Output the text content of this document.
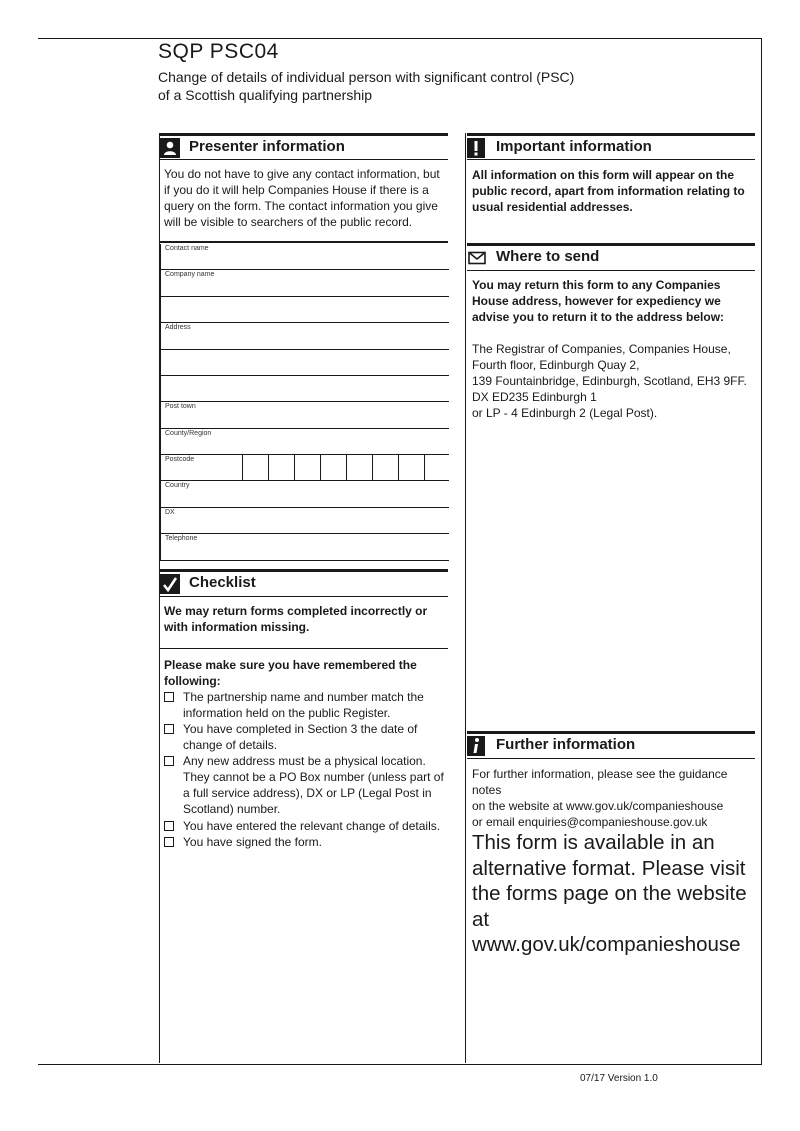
SQP PSC04
Change of details of individual person with significant control (PSC)
of a Scottish qualifying partnership
Presenter information
You do not have to give any contact information, but if you do it will help Companies House if there is a query on the form. The contact information you give will be visible to searchers of the public record.
Contact name
Company name
Address
Post town
County/Region
Postcode
Country
DX
Telephone
Checklist
We may return forms completed incorrectly or with information missing.
Please make sure you have remembered the following:
The partnership name and number match the information held on the public Register.
You have completed in Section 3 the date of change of details.
Any new address must be a physical location. They cannot be a PO Box number (unless part of a full service address), DX or LP (Legal Post in Scotland) number.
You have entered the relevant change of details.
You have signed the form.
Important information
All information on this form will appear on the public record, apart from information relating to usual residential addresses.
Where to send
You may return this form to any Companies House address, however for expediency we advise you to return it to the address below:
The Registrar of Companies, Companies House,
Fourth floor, Edinburgh Quay 2,
139 Fountainbridge, Edinburgh, Scotland, EH3 9FF.
DX ED235 Edinburgh 1
or LP - 4 Edinburgh 2 (Legal Post).
Further information
For further information, please see the guidance notes
on the website at www.gov.uk/companieshouse
or email enquiries@companieshouse.gov.uk
This form is available in an alternative format. Please visit the forms page on the website at www.gov.uk/companieshouse
07/17 Version 1.0
